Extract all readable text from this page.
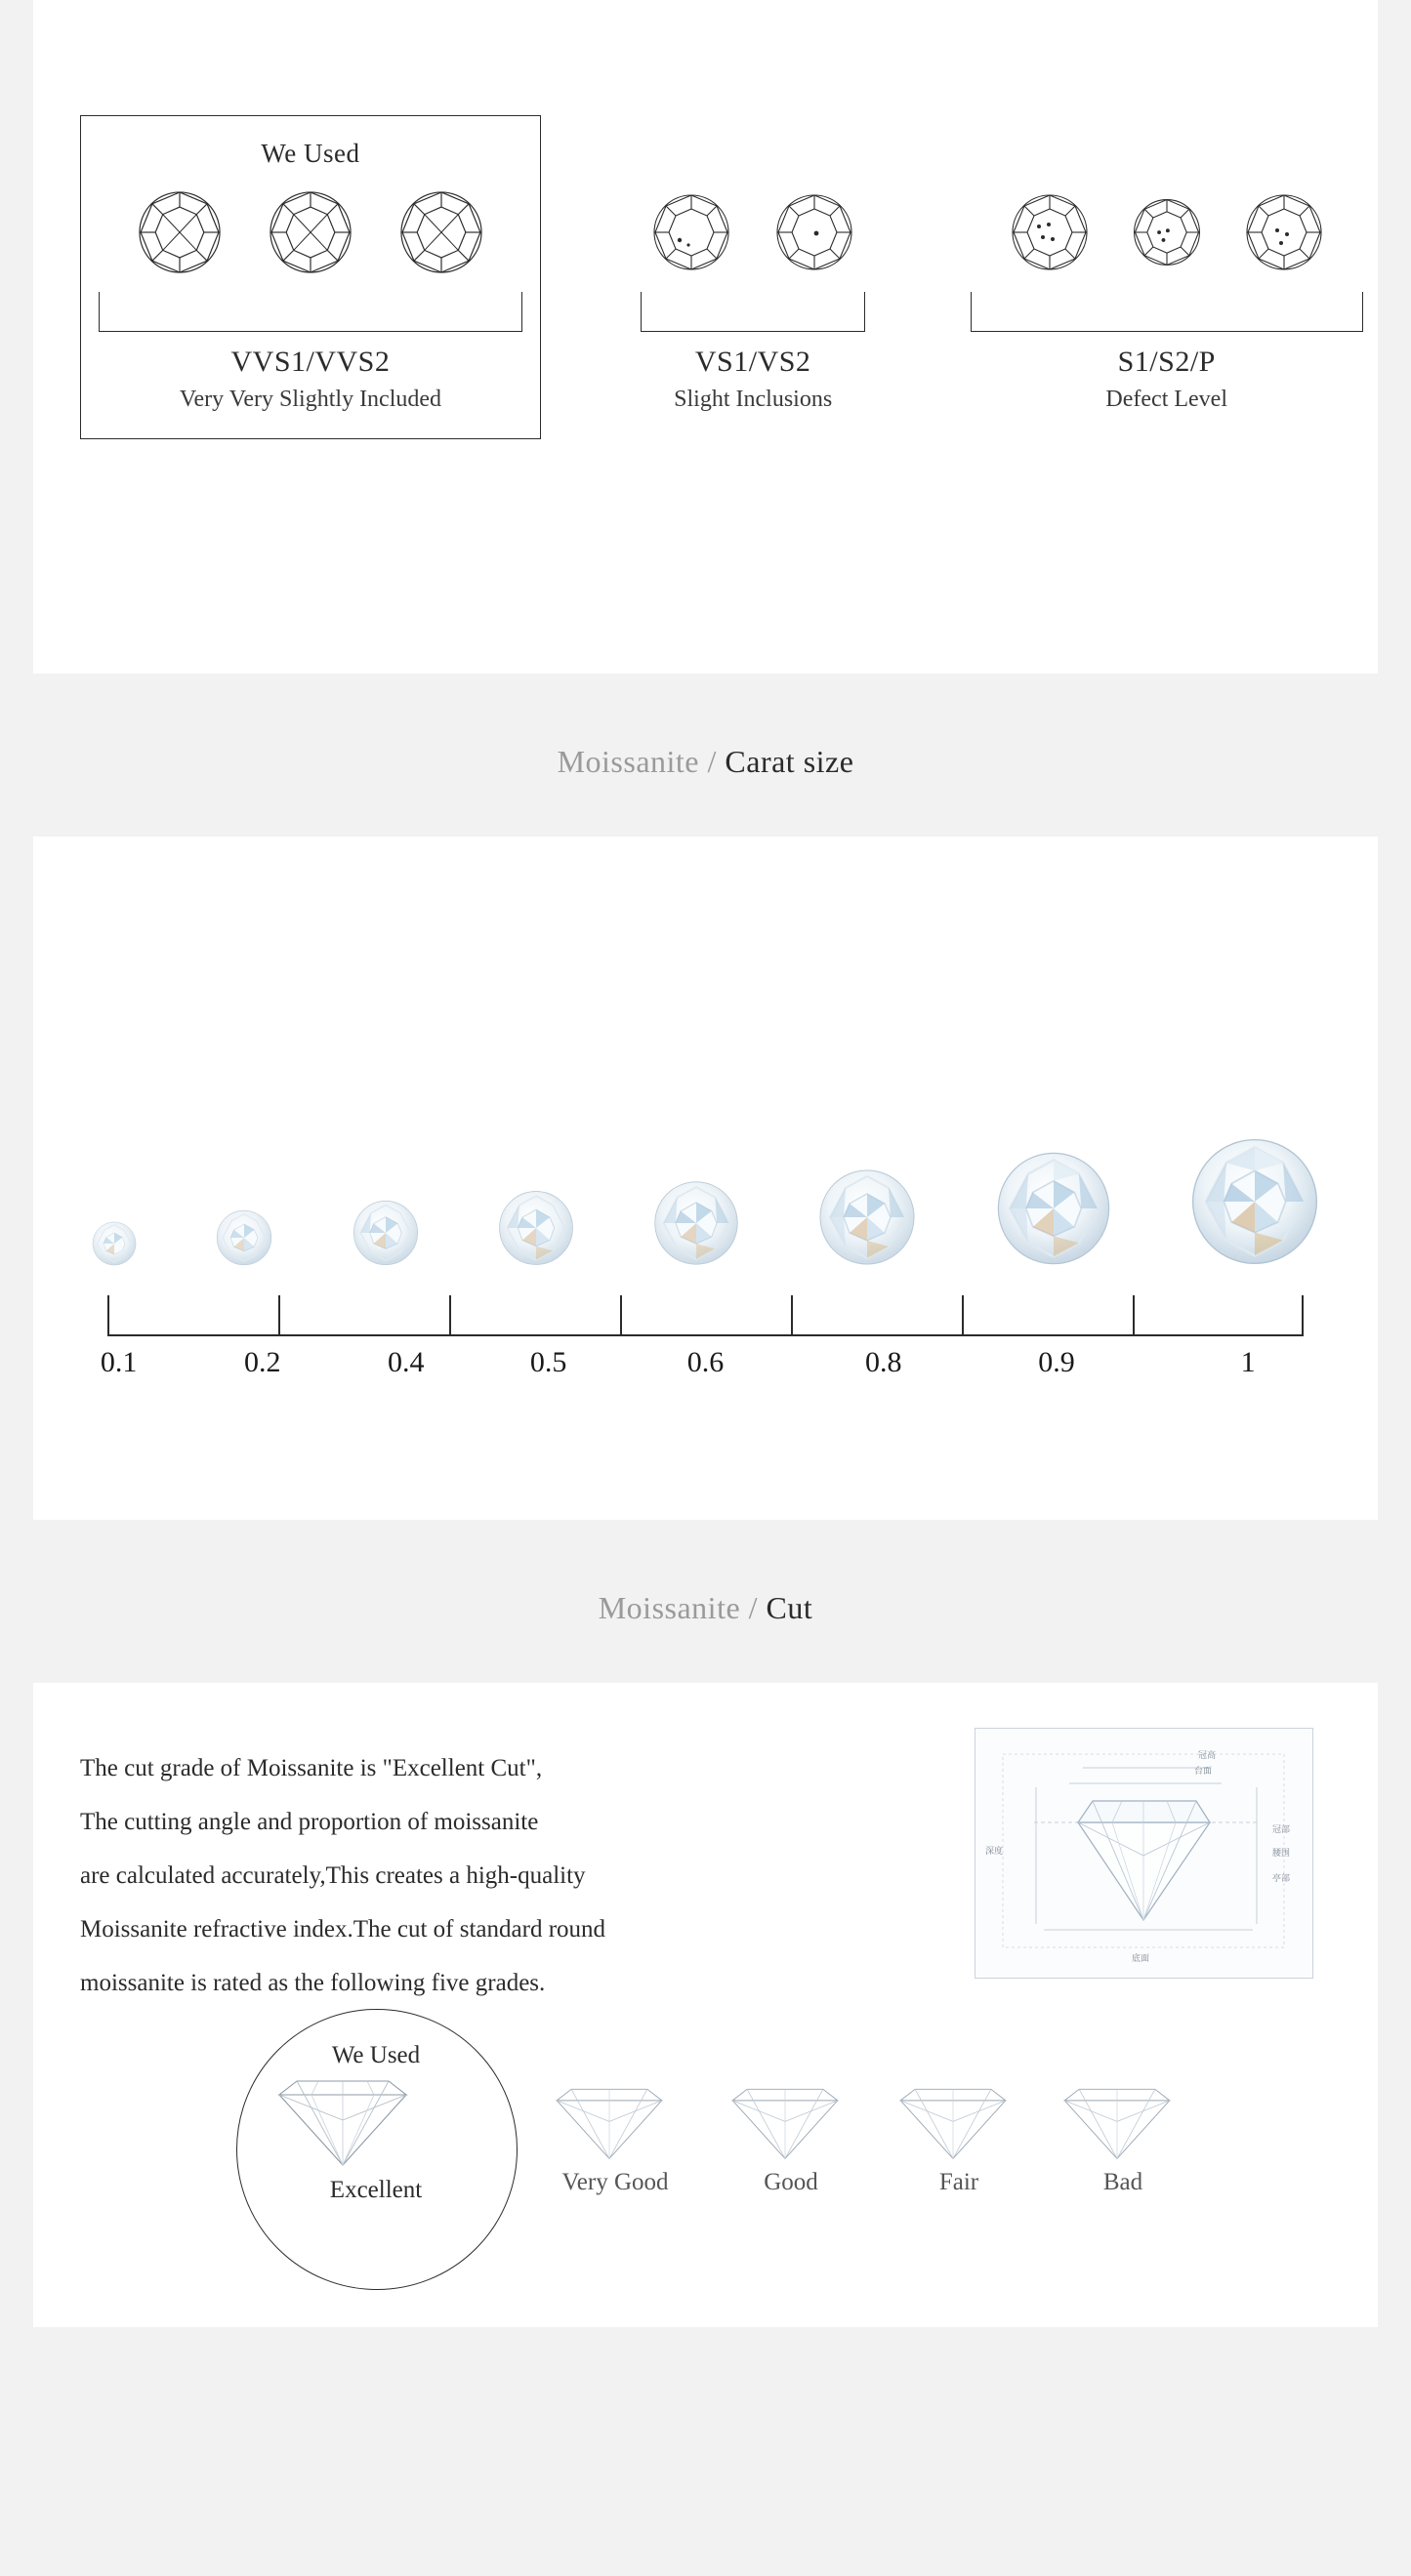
We Used
VVS1/VVS2
Very Very Slightly Included
VS1/VS2
Slight Inclusions
S1/S2/P
Defect Level
Moissanite / Carat size
0.1	0.2	0.4	0.5	0.6	0.8	0.9	1
Moissanite / Cut
The cut grade of Moissanite is "Excellent Cut",
The cutting angle and proportion of moissanite
are calculated accurately,This creates a high-quality
Moissanite refractive index.The cut of standard round
moissanite is rated as the following five grades.
冠高
台面
深度
冠部
腰围
亭部
底面
We Used
Excellent	Very Good	Good	Fair	Bad
